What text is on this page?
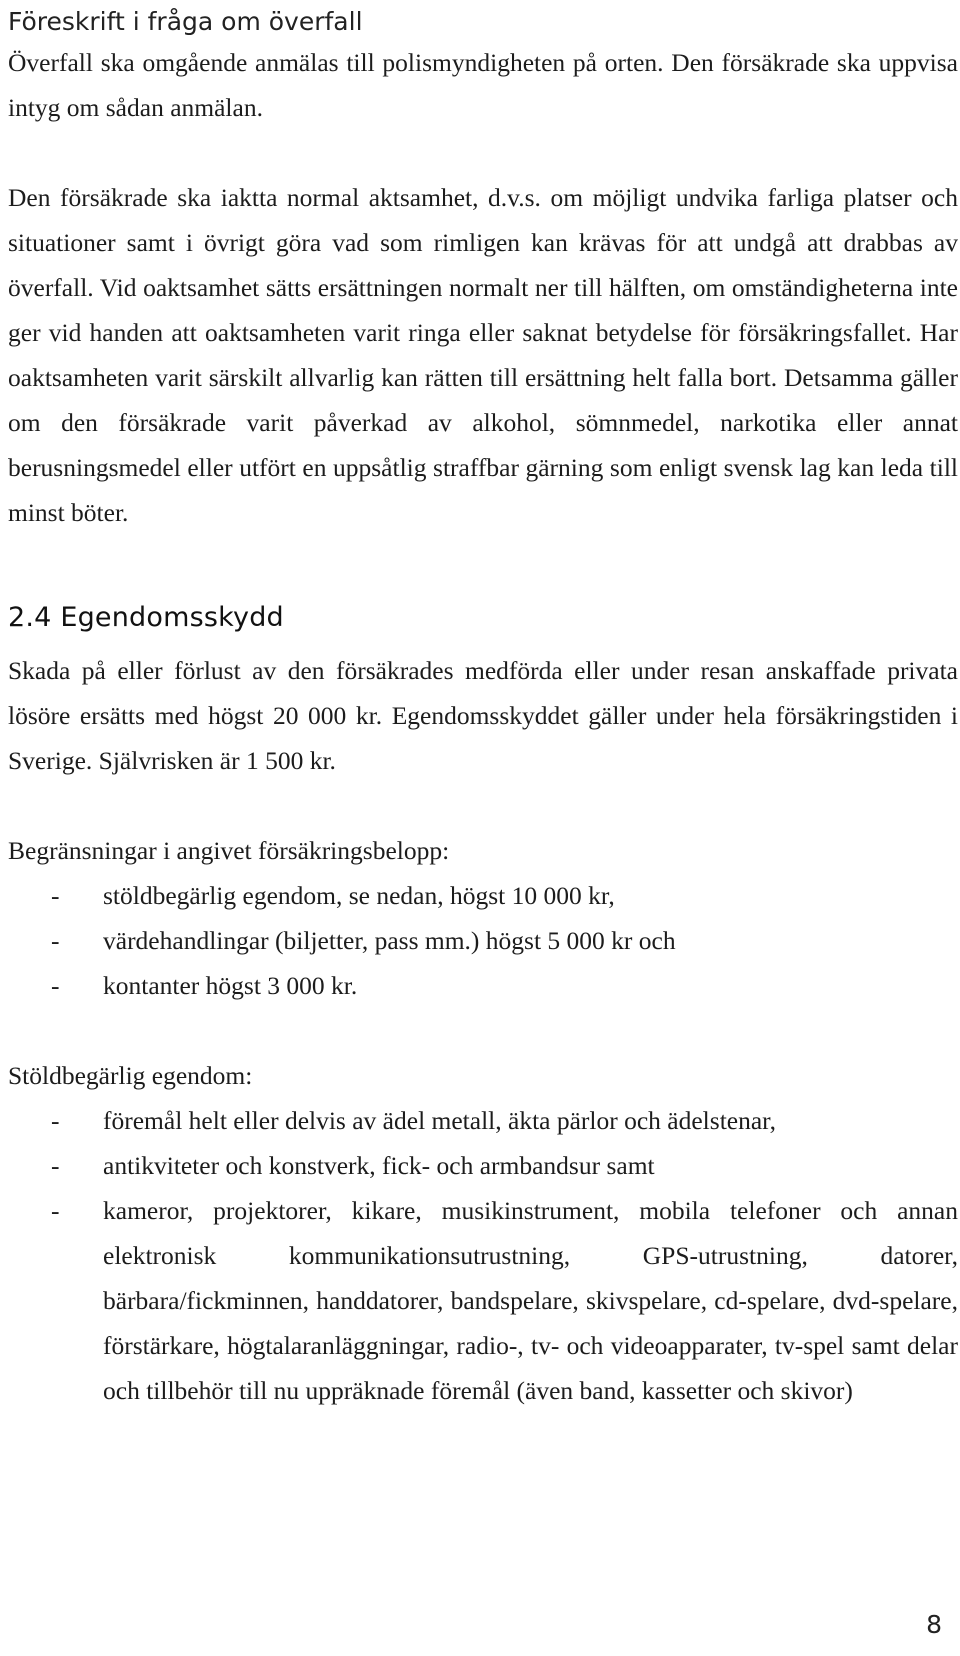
Föreskrift i fråga om överfall

Överfall ska omgående anmälas till polismyndigheten på orten. Den försäkrade ska uppvisa intyg om sådan anmälan.

Den försäkrade ska iaktta normal aktsamhet, d.v.s. om möjligt undvika farliga platser och situationer samt i övrigt göra vad som rimligen kan krävas för att undgå att drabbas av överfall. Vid oaktsamhet sätts ersättningen normalt ner till hälften, om omständigheterna inte ger vid handen att oaktsamheten varit ringa eller saknat betydelse för försäkringsfallet. Har oaktsamheten varit särskilt allvarlig kan rätten till ersättning helt falla bort. Detsamma gäller om den försäkrade varit påverkad av alkohol, sömnmedel, narkotika eller annat berusningsmedel eller utfört en uppsåtlig straffbar gärning som enligt svensk lag kan leda till minst böter.

2.4 Egendomsskydd

Skada på eller förlust av den försäkrades medförda eller under resan anskaffade privata lösöre ersätts med högst 20 000 kr. Egendomsskyddet gäller under hela försäkringstiden i Sverige. Självrisken är 1 500 kr.

Begränsningar i angivet försäkringsbelopp:

-	stöldbegärlig egendom, se nedan, högst 10 000 kr,
-	värdehandlingar (biljetter, pass mm.) högst 5 000 kr och
-	kontanter högst 3 000 kr.

Stöldbegärlig egendom:

-	föremål helt eller delvis av ädel metall, äkta pärlor och ädelstenar,
-	antikviteter och konstverk, fick- och armbandsur samt
-	kameror, projektorer, kikare, musikinstrument, mobila telefoner och annan elektronisk kommunikationsutrustning, GPS-utrustning, datorer, bärbara/fickminnen, handdatorer, bandspelare, skivspelare, cd-spelare, dvd-spelare, förstärkare, högtalaranläggningar, radio-, tv- och videoapparater, tv-spel samt delar och tillbehör till nu uppräknade föremål (även band, kassetter och skivor)
8
